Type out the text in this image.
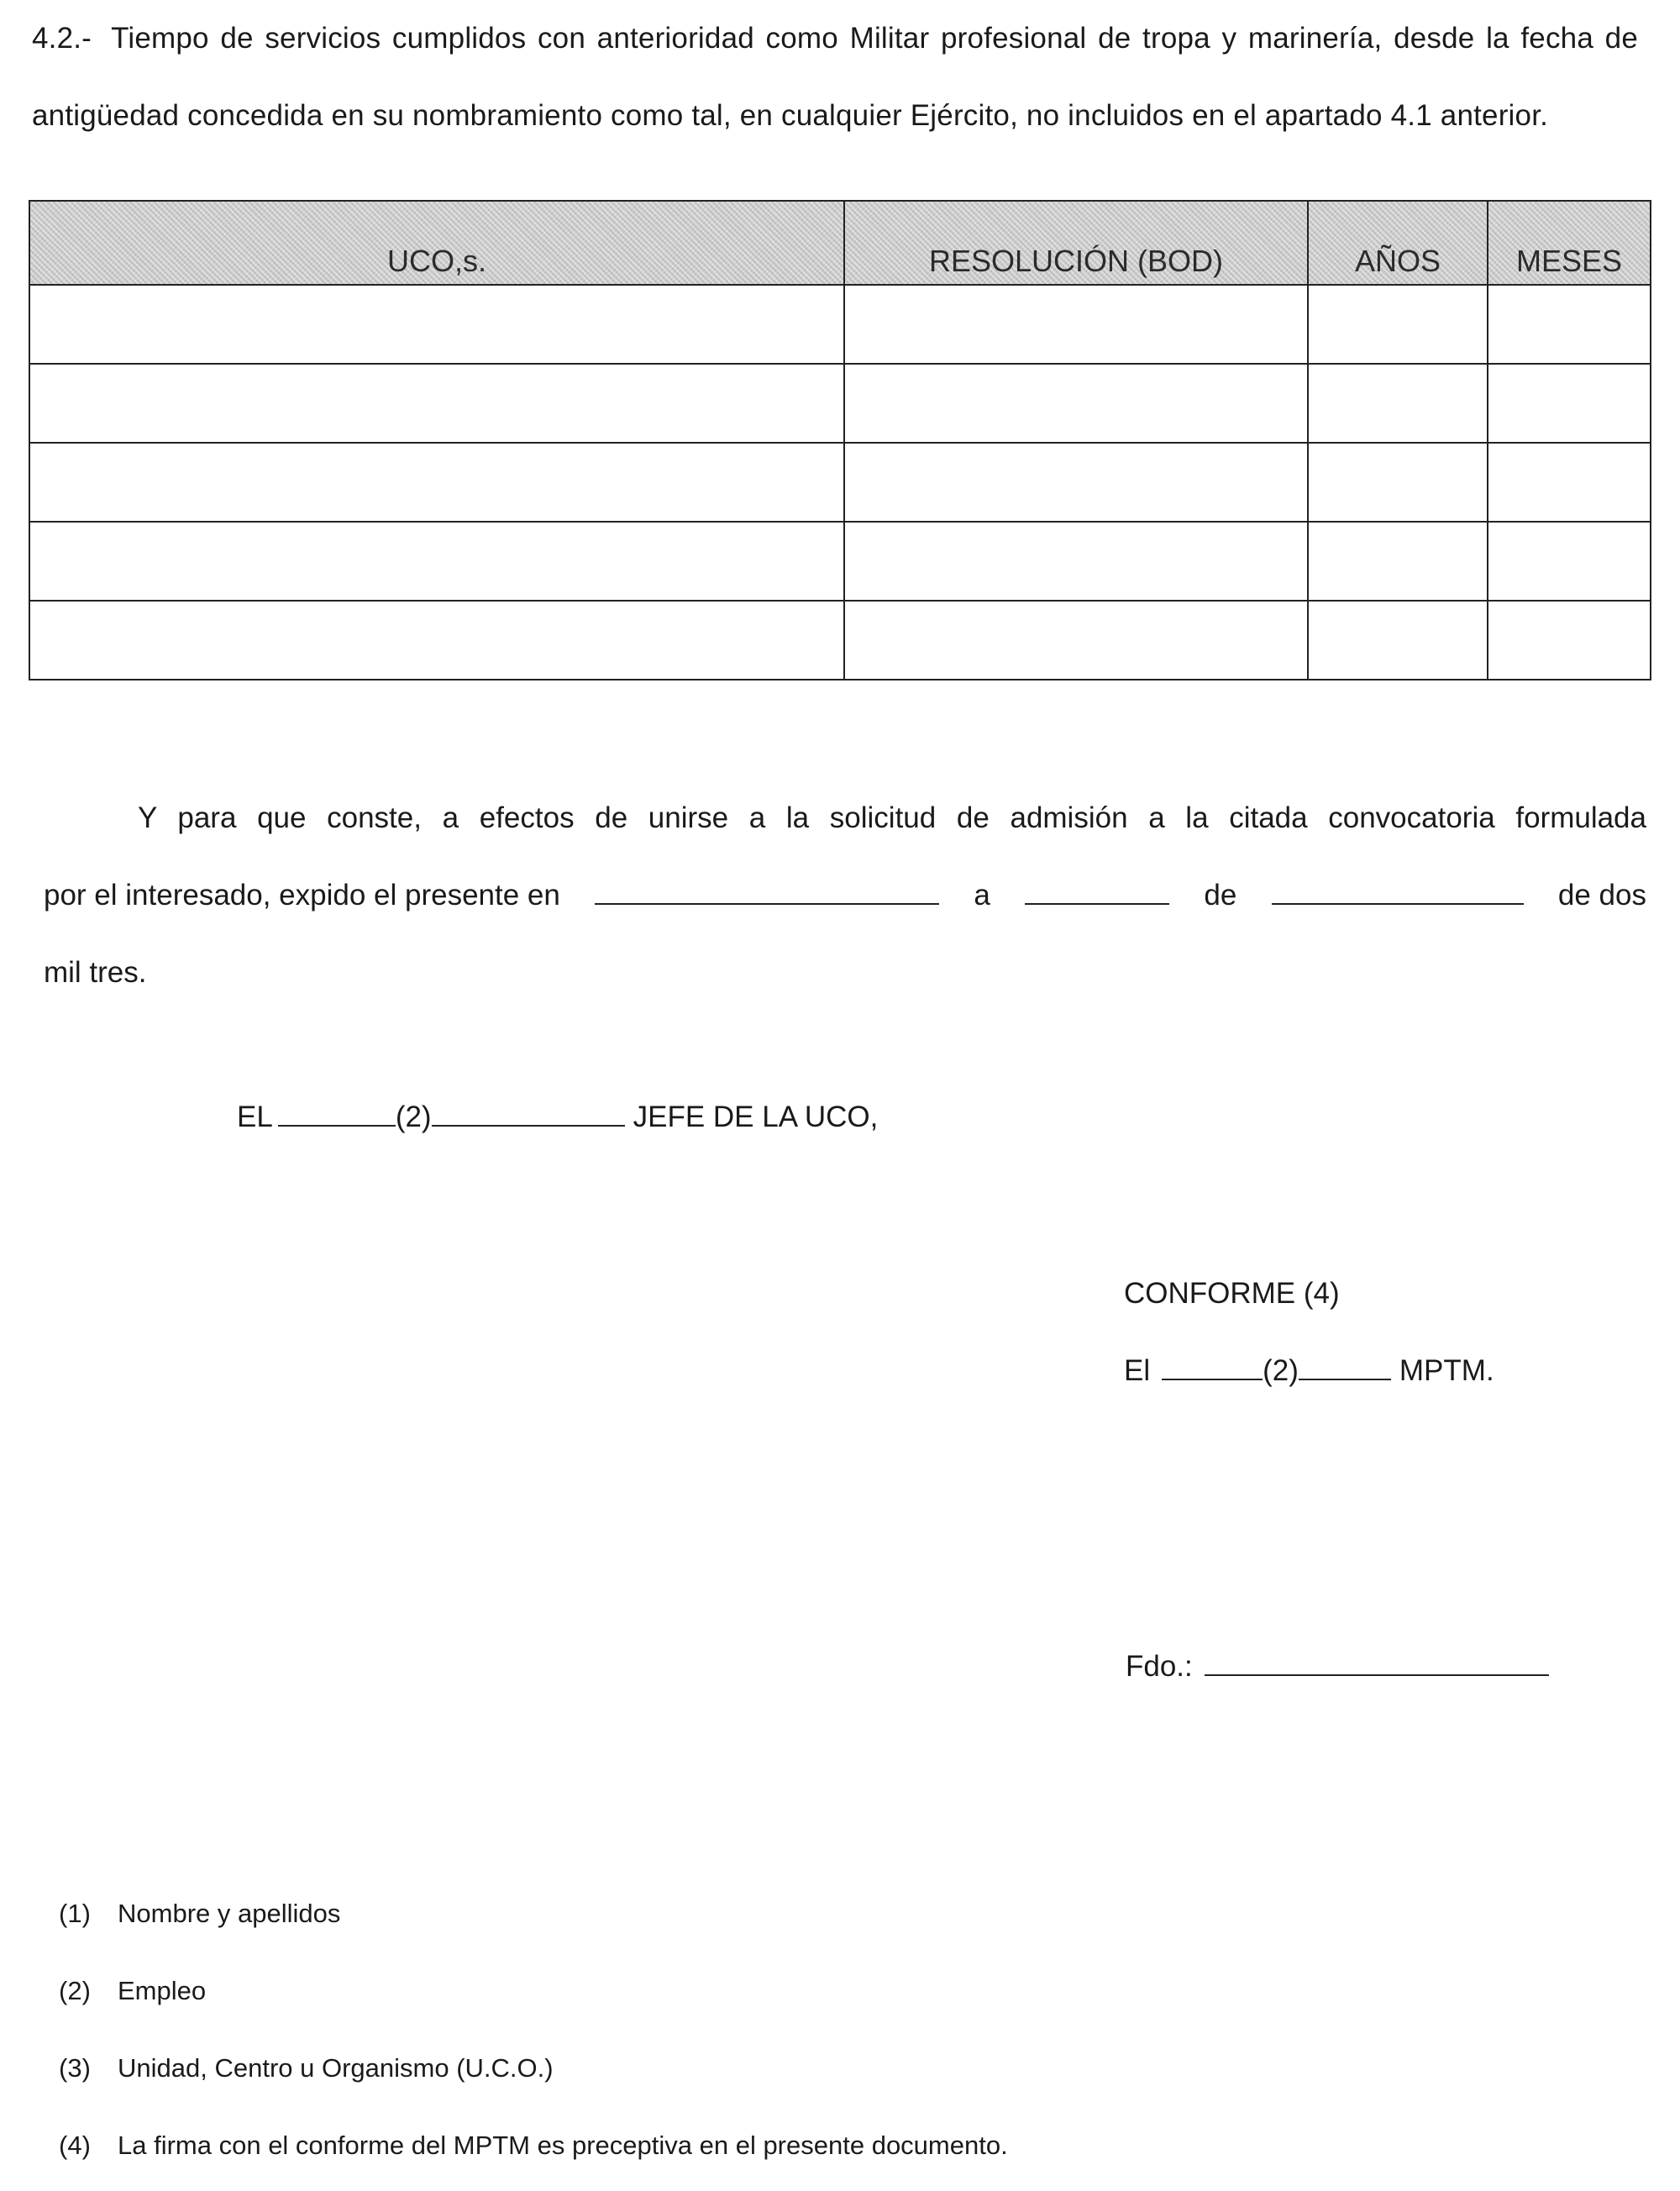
4.2.- Tiempo de servicios cumplidos con anterioridad como Militar profesional de tropa y marinería, desde la fecha de antigüedad concedida en su nombramiento como tal, en cualquier Ejército, no incluidos en el apartado 4.1 anterior.
UCO,s.	RESOLUCIÓN (BOD)	AÑOS	MESES

Y para que conste, a efectos de unirse a la solicitud de admisión a la citada convocatoria formulada
por el interesado, expido el presente en	a	de	de dos
mil tres.
EL	(2)	JEFE DE LA UCO,
CONFORME (4)
El	(2)	MPTM.
Fdo.:
(1)	Nombre y apellidos
(2)	Empleo
(3)	Unidad, Centro u Organismo (U.C.O.)
(4)	La firma con el conforme del MPTM es preceptiva en el presente documento.
